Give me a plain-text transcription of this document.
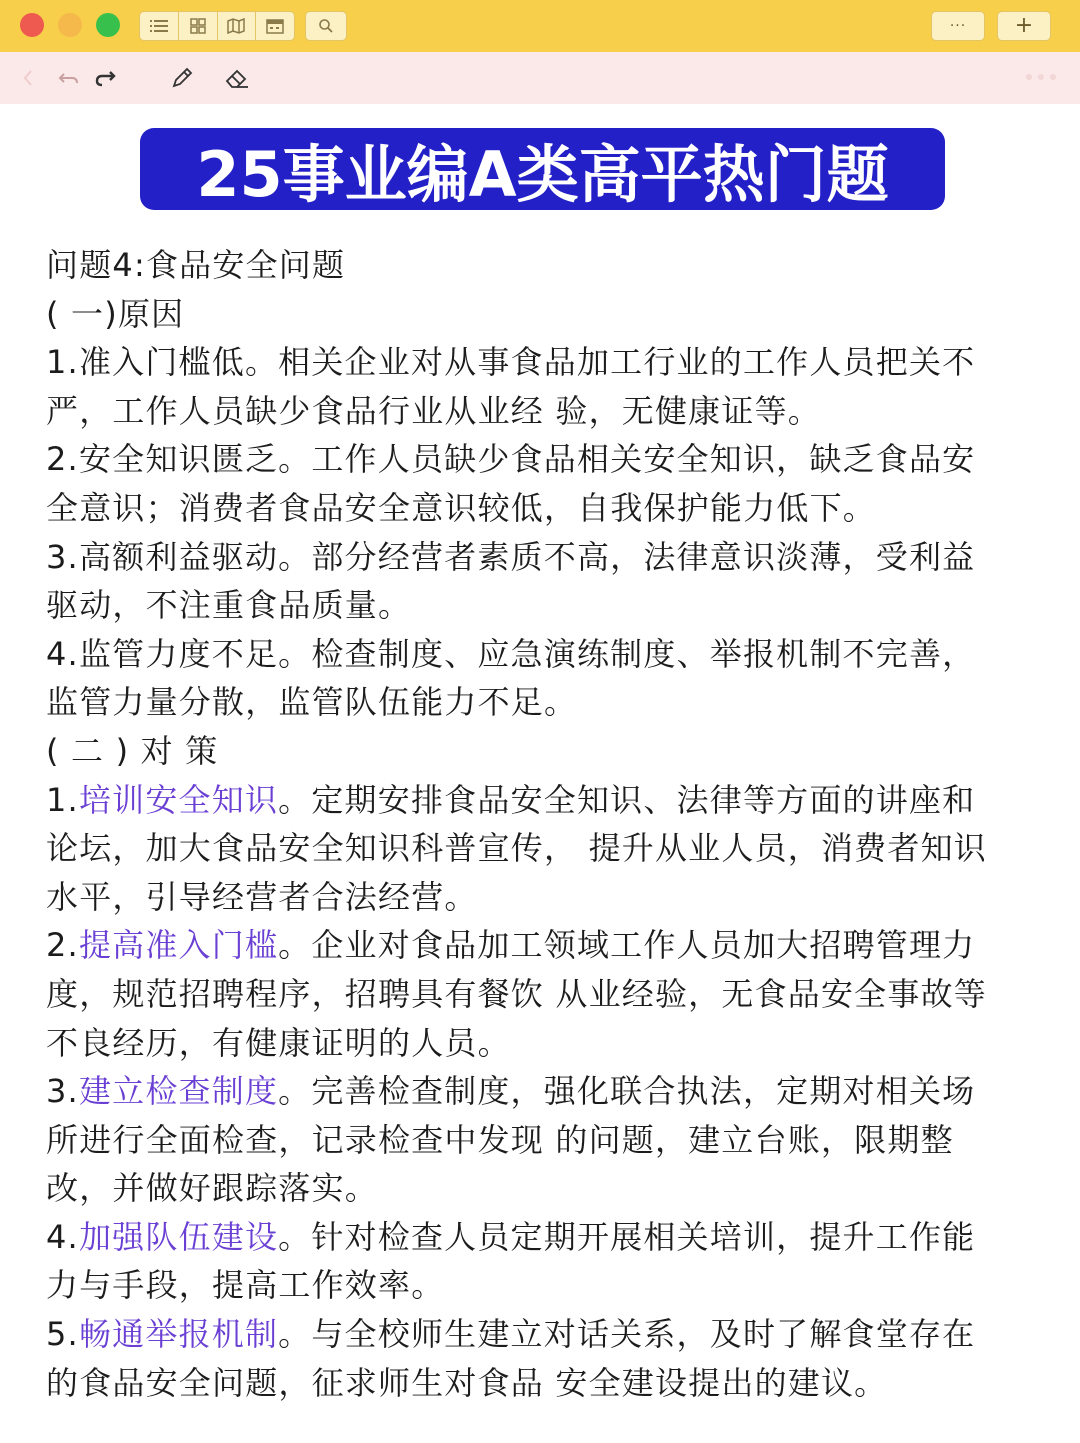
···	+
25事业编A类高平热门题
问题4:食品安全问题
( 一)原因
1.准入门槛低。相关企业对从事食品加工行业的工作人员把关不
严，工作人员缺少食品行业从业经 验，无健康证等。
2.安全知识匮乏。工作人员缺少食品相关安全知识，缺乏食品安
全意识；消费者食品安全意识较低，自我保护能力低下。
3.高额利益驱动。部分经营者素质不高，法律意识淡薄，受利益
驱动，不注重食品质量。
4.监管力度不足。检查制度、应急演练制度、举报机制不完善，
监管力量分散，监管队伍能力不足。
( 二 ) 对 策
1.培训安全知识。定期安排食品安全知识、法律等方面的讲座和
论坛，加大食品安全知识科普宣传， 提升从业人员，消费者知识
水平，引导经营者合法经营。
2.提高准入门槛。企业对食品加工领域工作人员加大招聘管理力
度，规范招聘程序，招聘具有餐饮 从业经验，无食品安全事故等
不良经历，有健康证明的人员。
3.建立检查制度。完善检查制度，强化联合执法，定期对相关场
所进行全面检查，记录检查中发现 的问题，建立台账，限期整
改，并做好跟踪落实。
4.加强队伍建设。针对检查人员定期开展相关培训，提升工作能
力与手段，提高工作效率。
5.畅通举报机制。与全校师生建立对话关系，及时了解食堂存在
的食品安全问题，征求师生对食品 安全建设提出的建议。
